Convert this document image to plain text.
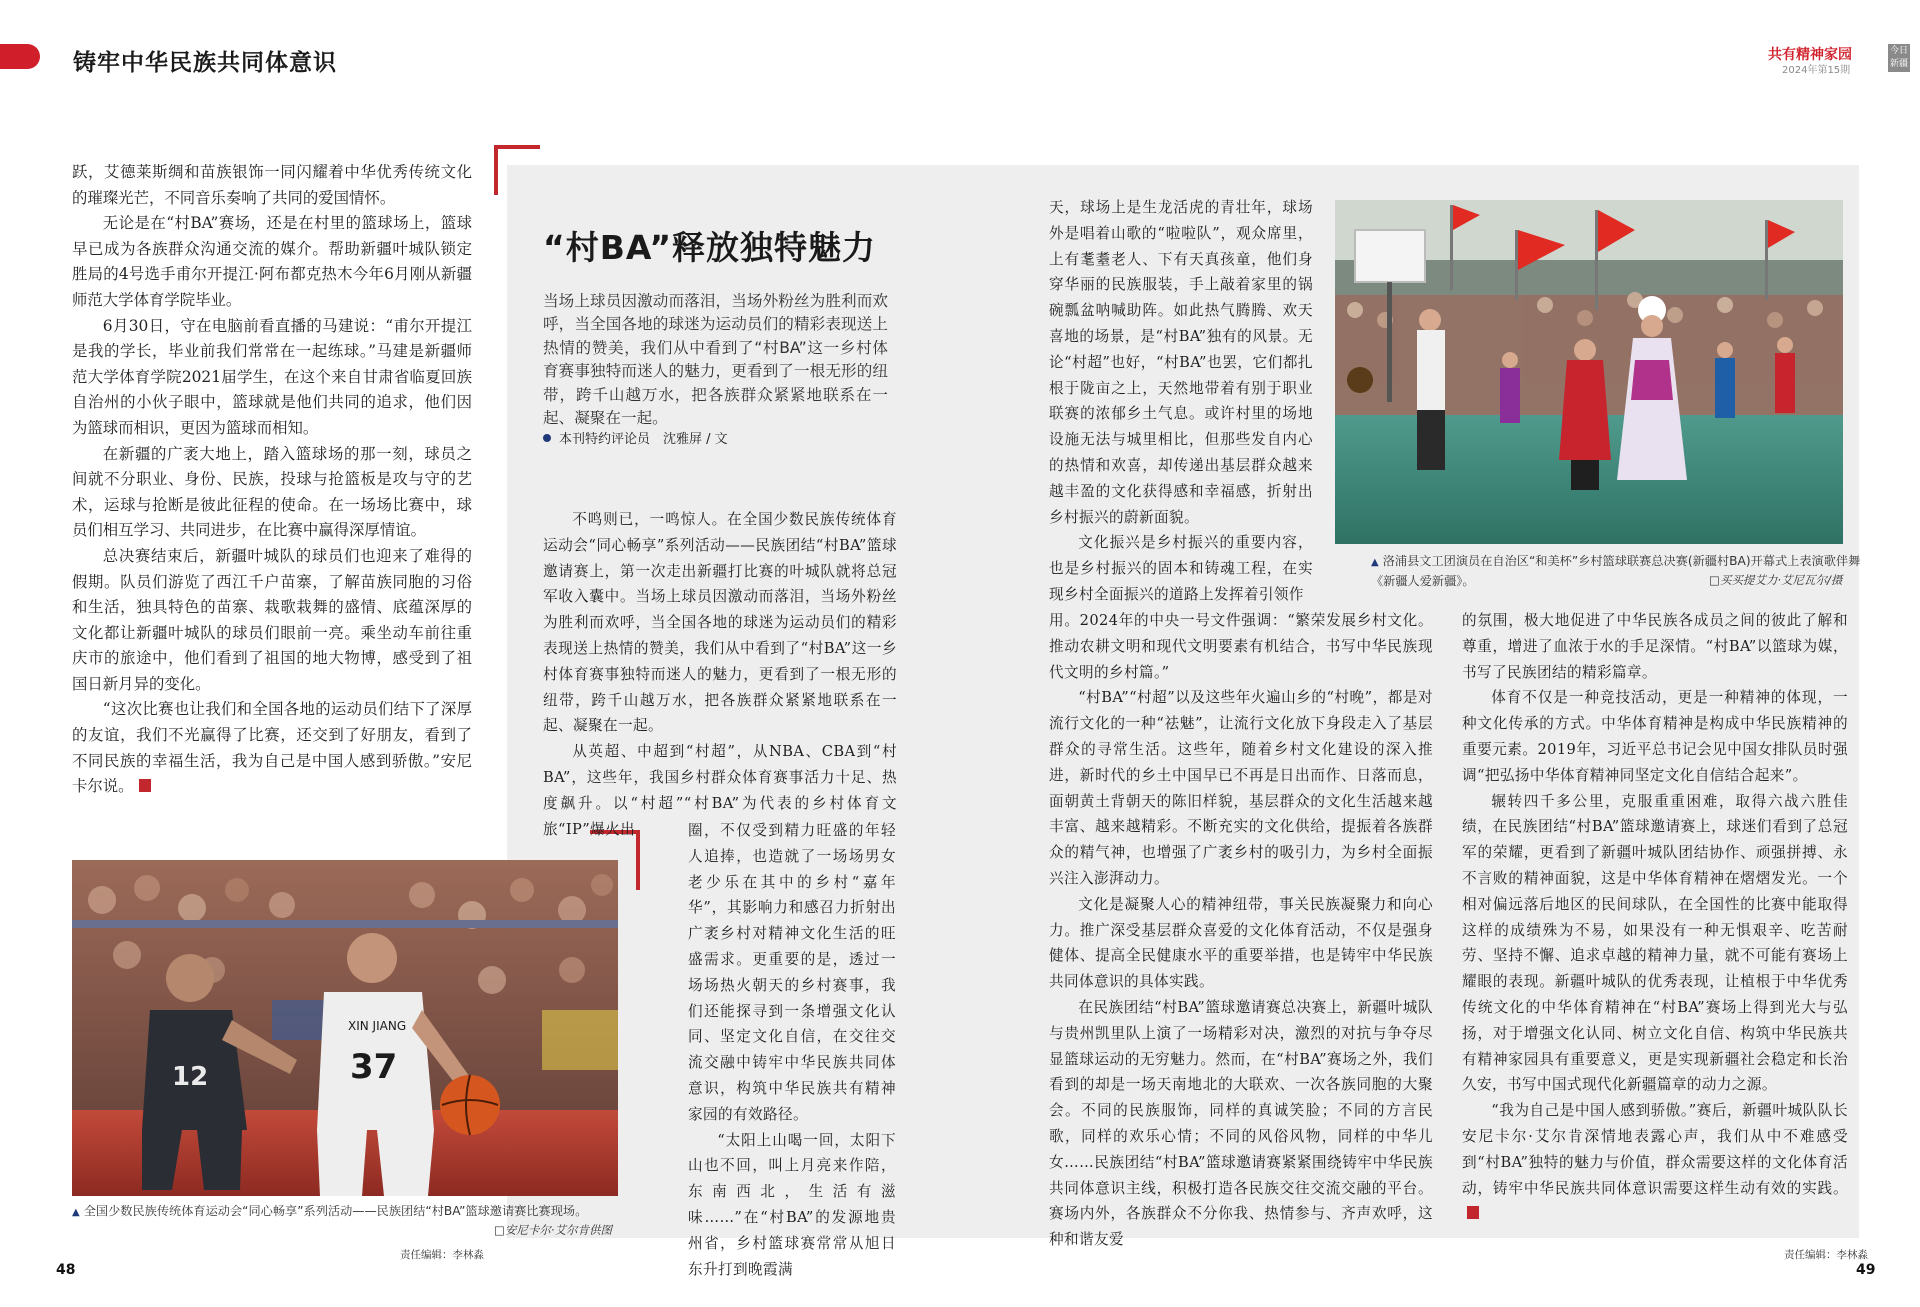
铸牢中华民族共同体意识	共有精神家园
2024年第15期
今日
新疆

跃，艾德莱斯绸和苗族银饰一同闪耀着中华优秀传统文化的璀璨光芒，不同音乐奏响了共同的爱国情怀。

无论是在“村BA”赛场，还是在村里的篮球场上，篮球早已成为各族群众沟通交流的媒介。帮助新疆叶城队锁定胜局的4号选手甫尔开提江·阿布都克热木今年6月刚从新疆师范大学体育学院毕业。

6月30日，守在电脑前看直播的马建说：“甫尔开提江是我的学长，毕业前我们常常在一起练球。”马建是新疆师范大学体育学院2021届学生，在这个来自甘肃省临夏回族自治州的小伙子眼中，篮球就是他们共同的追求，他们因为篮球而相识，更因为篮球而相知。

在新疆的广袤大地上，踏入篮球场的那一刻，球员之间就不分职业、身份、民族，投球与抢篮板是攻与守的艺术，运球与抢断是彼此征程的使命。在一场场比赛中，球员们相互学习、共同进步，在比赛中赢得深厚情谊。

总决赛结束后，新疆叶城队的球员们也迎来了难得的假期。队员们游览了西江千户苗寨，了解苗族同胞的习俗和生活，独具特色的苗寨、栽歌栽舞的盛情、底蕴深厚的文化都让新疆叶城队的球员们眼前一亮。乘坐动车前往重庆市的旅途中，他们看到了祖国的地大物博，感受到了祖国日新月异的变化。

“这次比赛也让我们和全国各地的运动员们结下了深厚的友谊，我们不光赢得了比赛，还交到了好朋友，看到了不同民族的幸福生活，我为自己是中国人感到骄傲。”安尼卡尔说。

“村BA”释放独特魅力
当场上球员因激动而落泪，当场外粉丝为胜利而欢呼，当全国各地的球迷为运动员们的精彩表现送上热情的赞美，我们从中看到了“村BA”这一乡村体育赛事独特而迷人的魅力，更看到了一根无形的纽带，跨千山越万水，把各族群众紧紧地联系在一起、凝聚在一起。
本刊特约评论员　沈雅屏 / 文

不鸣则已，一鸣惊人。在全国少数民族传统体育运动会“同心畅享”系列活动——民族团结“村BA”篮球邀请赛上，第一次走出新疆打比赛的叶城队就将总冠军收入囊中。当场上球员因激动而落泪，当场外粉丝为胜利而欢呼，当全国各地的球迷为运动员们的精彩表现送上热情的赞美，我们从中看到了“村BA”这一乡村体育赛事独特而迷人的魅力，更看到了一根无形的纽带，跨千山越万水，把各族群众紧紧地联系在一起、凝聚在一起。

从英超、中超到“村超”，从NBA、CBA到“村BA”，这些年，我国乡村群众体育赛事活力十足、热度飙升。以“村超”“村BA”为代表的乡村体育文旅“IP”爆火出	圈，不仅受到精力旺盛的年轻人追捧，也造就了一场场男女老少乐在其中的乡村“嘉年华”，其影响力和感召力折射出广袤乡村对精神文化生活的旺盛需求。更重要的是，透过一场场热火朝天的乡村赛事，我们还能探寻到一条增强文化认同、坚定文化自信，在交往交流交融中铸牢中华民族共同体意识，构筑中华民族共有精神家园的有效路径。

“太阳上山喝一回，太阳下山也不回，叫上月亮来作陪，东南西北，生活有滋味……”在“村BA”的发源地贵州省，乡村篮球赛常常从旭日东升打到晚霞满

天，球场上是生龙活虎的青壮年，球场外是唱着山歌的“啦啦队”，观众席里，上有耄耋老人、下有天真孩童，他们身穿华丽的民族服装，手上敲着家里的锅碗瓢盆呐喊助阵。如此热气腾腾、欢天喜地的场景，是“村BA”独有的风景。无论“村超”也好，“村BA”也罢，它们都扎根于陇亩之上，天然地带着有别于职业联赛的浓郁乡土气息。或许村里的场地设施无法与城里相比，但那些发自内心的热情和欢喜，却传递出基层群众越来越丰盈的文化获得感和幸福感，折射出乡村振兴的蔚新面貌。

文化振兴是乡村振兴的重要内容，也是乡村振兴的固本和铸魂工程，在实现乡村全面振兴的道路上发挥着引领作

用。2024年的中央一号文件强调：“繁荣发展乡村文化。推动农耕文明和现代文明要素有机结合，书写中华民族现代文明的乡村篇。”

“村BA”“村超”以及这些年火遍山乡的“村晚”，都是对流行文化的一种“祛魅”，让流行文化放下身段走入了基层群众的寻常生活。这些年，随着乡村文化建设的深入推进，新时代的乡土中国早已不再是日出而作、日落而息，面朝黄土背朝天的陈旧样貌，基层群众的文化生活越来越丰富、越来越精彩。不断充实的文化供给，提振着各族群众的精气神，也增强了广袤乡村的吸引力，为乡村全面振兴注入澎湃动力。

文化是凝聚人心的精神纽带，事关民族凝聚力和向心力。推广深受基层群众喜爱的文化体育活动，不仅是强身健体、提高全民健康水平的重要举措，也是铸牢中华民族共同体意识的具体实践。

在民族团结“村BA”篮球邀请赛总决赛上，新疆叶城队与贵州凯里队上演了一场精彩对决，激烈的对抗与争夺尽显篮球运动的无穷魅力。然而，在“村BA”赛场之外，我们看到的却是一场天南地北的大联欢、一次各族同胞的大聚会。不同的民族服饰，同样的真诚笑脸；不同的方言民歌，同样的欢乐心情；不同的风俗风物，同样的中华儿女……民族团结“村BA”篮球邀请赛紧紧围绕铸牢中华民族共同体意识主线，积极打造各民族交往交流交融的平台。赛场内外，各族群众不分你我、热情参与、齐声欢呼，这种和谐友爱

的氛围，极大地促进了中华民族各成员之间的彼此了解和尊重，增进了血浓于水的手足深情。“村BA”以篮球为媒，书写了民族团结的精彩篇章。

体育不仅是一种竞技活动，更是一种精神的体现，一种文化传承的方式。中华体育精神是构成中华民族精神的重要元素。2019年，习近平总书记会见中国女排队员时强调“把弘扬中华体育精神同坚定文化自信结合起来”。

辗转四千多公里，克服重重困难，取得六战六胜佳绩，在民族团结“村BA”篮球邀请赛上，球迷们看到了总冠军的荣耀，更看到了新疆叶城队团结协作、顽强拼搏、永不言败的精神面貌，这是中华体育精神在熠熠发光。一个相对偏远落后地区的民间球队，在全国性的比赛中能取得这样的成绩殊为不易，如果没有一种无惧艰辛、吃苦耐劳、坚持不懈、追求卓越的精神力量，就不可能有赛场上耀眼的表现。新疆叶城队的优秀表现，让植根于中华优秀传统文化的中华体育精神在“村BA”赛场上得到光大与弘扬，对于增强文化认同、树立文化自信、构筑中华民族共有精神家园具有重要意义，更是实现新疆社会稳定和长治久安，书写中国式现代化新疆篇章的动力之源。

“我为自己是中国人感到骄傲。”赛后，新疆叶城队队长安尼卡尔·艾尔肯深情地表露心声，我们从中不难感受到“村BA”独特的魅力与价值，群众需要这样的文化体育活动，铸牢中华民族共同体意识需要这样生动有效的实践。

12	37
XIN JIANG
▲ 全国少数民族传统体育运动会“同心畅享”系列活动——民族团结“村BA”篮球邀请赛比赛现场。
□安尼卡尔·艾尔肯供图
▲ 洛浦县文工团演员在自治区“和美杯”乡村篮球联赛总决赛(新疆村BA)开幕式上表演歌伴舞《新疆人爱新疆》。	□买买提艾力·艾尼瓦尔/摄
责任编辑：李林淼
48
责任编辑：李林淼
49
